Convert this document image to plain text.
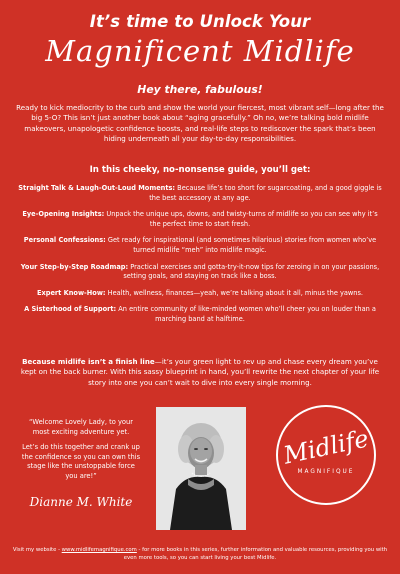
It’s time to Unlock Your
Magnificent Midlife
Hey there, fabulous!
Ready to kick mediocrity to the curb and show the world your fiercest, most vibrant self—long after the big 5-O? This isn’t just another book about “aging gracefully.” Oh no, we’re talking bold midlife makeovers, unapologetic confidence boosts, and real-life steps to rediscover the spark that’s been hiding underneath all your day-to-day responsibilities.
In this cheeky, no-nonsense guide, you’ll get:
Straight Talk & Laugh-Out-Loud Moments: Because life’s too short for sugarcoating, and a good giggle is the best accessory at any age.
Eye-Opening Insights: Unpack the unique ups, downs, and twisty-turns of midlife so you can see why it’s the perfect time to start fresh.
Personal Confessions: Get ready for inspirational (and sometimes hilarious) stories from women who’ve turned midlife “meh” into midlife magic.
Your Step-by-Step Roadmap: Practical exercises and gotta-try-it-now tips for zeroing in on your passions, setting goals, and staying on track like a boss.
Expert Know-How: Health, wellness, finances—yeah, we’re talking about it all, minus the yawns.
A Sisterhood of Support: An entire community of like-minded women who’ll cheer you on louder than a marching band at halftime.
Because midlife isn’t a finish line—it’s your green light to rev up and chase every dream you’ve kept on the back burner. With this sassy blueprint in hand, you’ll rewrite the next chapter of your life story into one you can’t wait to dive into every single morning.

“Welcome Lovely Lady, to your most exciting adventure yet.

Let’s do this together and crank up the confidence so you can own this stage like the unstoppable force you are!”

Dianne M. White
Midlife
MAGNIFIQUE
Visit my website - www.midlifemagnifique.com - for more books in this series, further information and valuable resources, providing you with even more tools, so you can start living your best Midlife.
